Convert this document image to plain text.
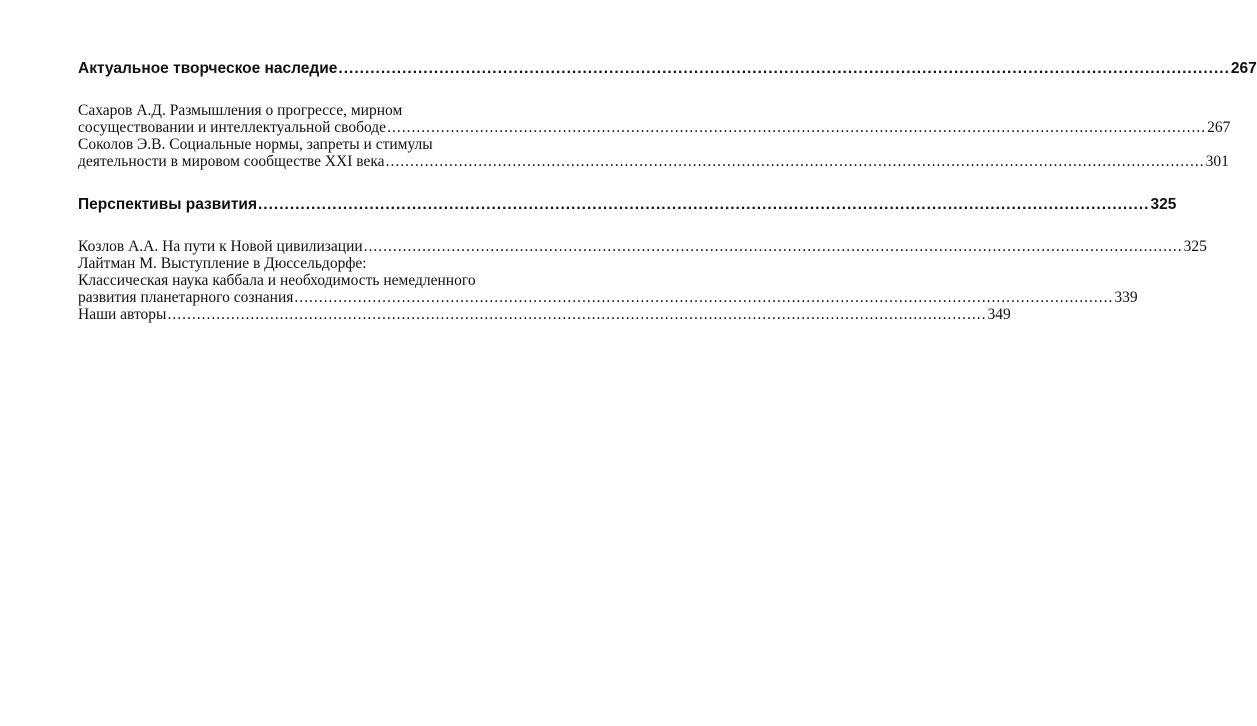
Актуальное творческое наследие .....	267
Сахаров А.Д. Размышления о прогрессе, мирном
сосуществовании и интеллектуальной свободе .....	267
Соколов Э.В. Социальные нормы, запреты и стимулы
деятельности в мировом сообществе XXI века .....	301
Перспективы развития .....	325
Козлов А.А. На пути к Новой цивилизации .....	325
Лайтман М. Выступление в Дюссельдорфе:
Классическая наука каббала и необходимость немедленного
развития планетарного сознания .....	339
Наши авторы .....	349
